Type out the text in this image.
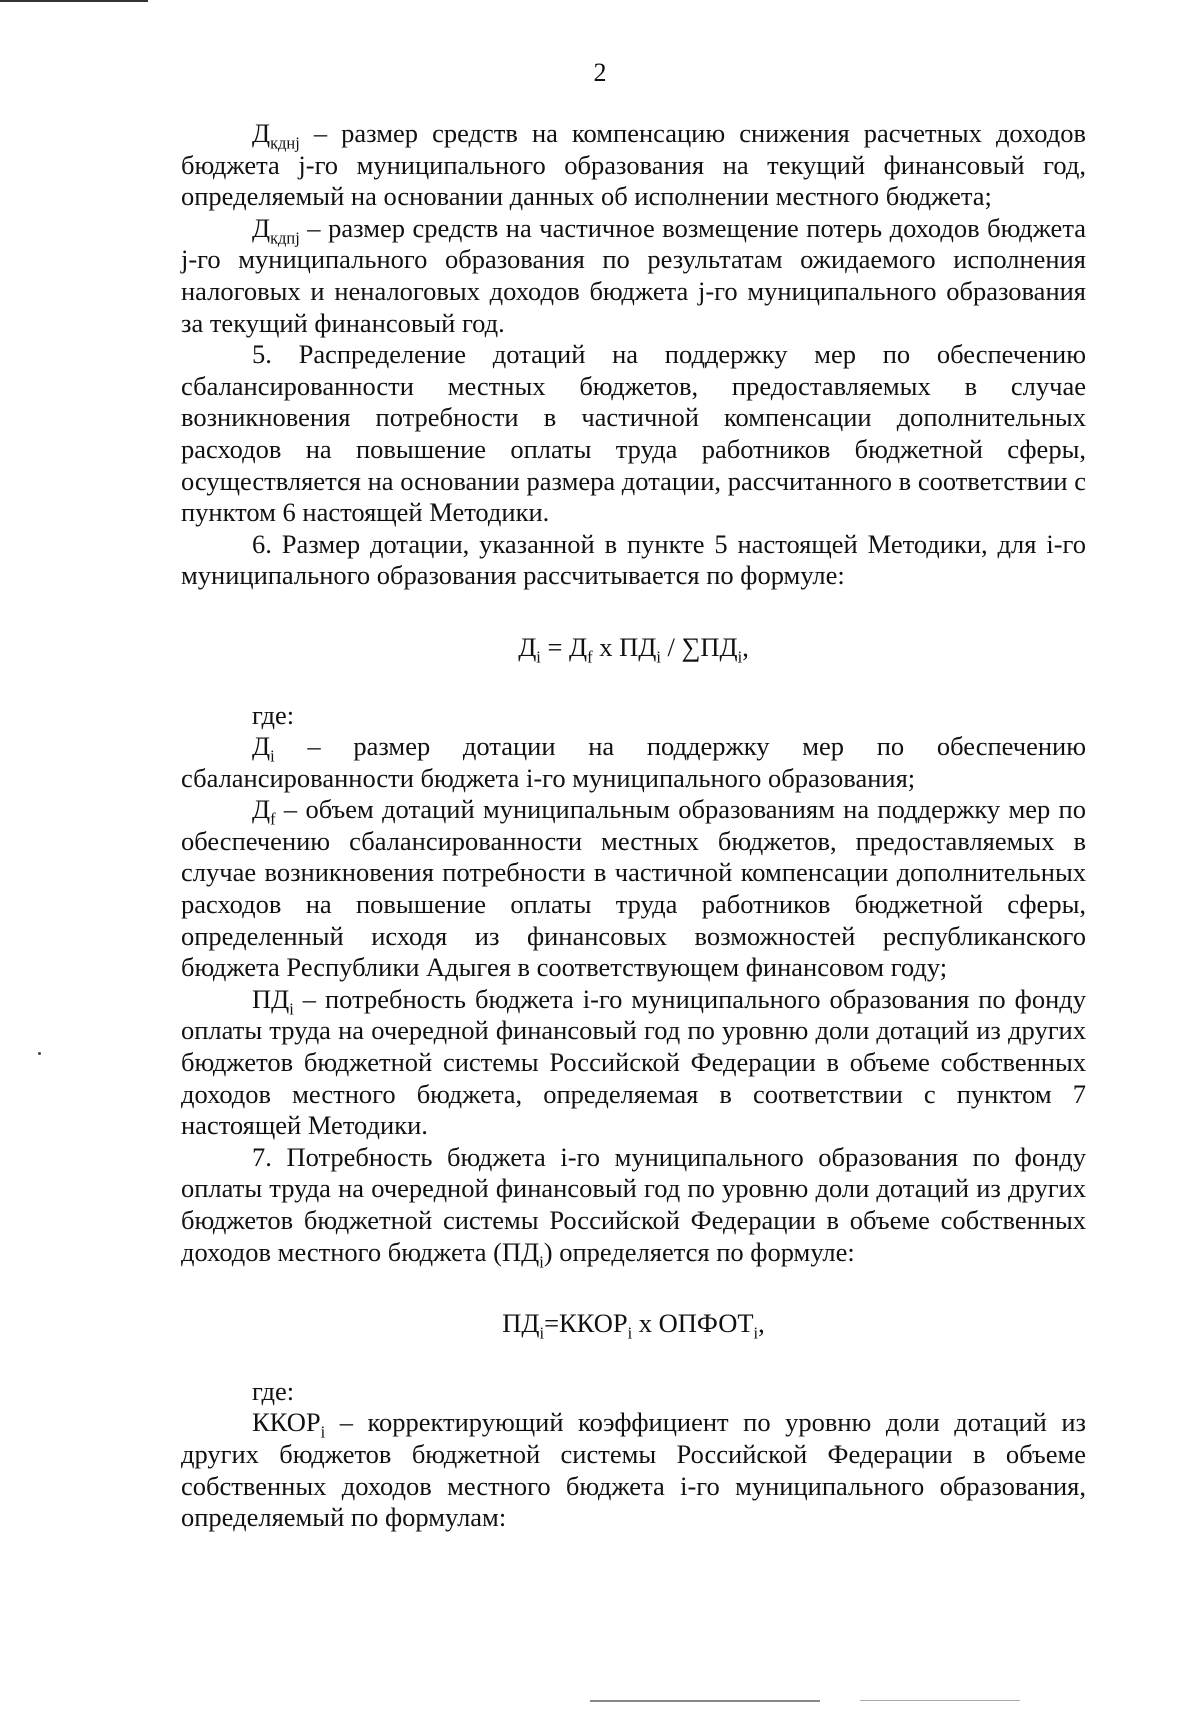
2

$Д_{кднj}$ – размер средств на компенсацию снижения расчетных доходов бюджета j-го муниципального образования на текущий финансовый год, определяемый на основании данных об исполнении местного бюджета;

$Д_{кдпj}$ – размер средств на частичное возмещение потерь доходов бюджета j-го муниципального образования по результатам ожидаемого исполнения налоговых и неналоговых доходов бюджета j-го муниципального образования за текущий финансовый год.

5. Распределение дотаций на поддержку мер по обеспечению сбалансированности местных бюджетов, предоставляемых в случае возникновения потребности в частичной компенсации дополнительных расходов на повышение оплаты труда работников бюджетной сферы, осуществляется на основании размера дотации, рассчитанного в соответствии с пунктом 6 настоящей Методики.

6. Размер дотации, указанной в пункте 5 настоящей Методики, для i-го муниципального образования рассчитывается по формуле:

$Д_i = Д_f$ x $ПД_i / \sum ПД_i$,

где:

$Д_i$ – размер дотации на поддержку мер по обеспечению сбалансированности бюджета i-го муниципального образования;

$Д_f$ – объем дотаций муниципальным образованиям на поддержку мер по обеспечению сбалансированности местных бюджетов, предоставляемых в случае возникновения потребности в частичной компенсации дополнительных расходов на повышение оплаты труда работников бюджетной сферы, определенный исходя из финансовых возможностей республиканского бюджета Республики Адыгея в соответствующем финансовом году;

$ПД_i$ – потребность бюджета i-го муниципального образования по фонду оплаты труда на очередной финансовый год по уровню доли дотаций из других бюджетов бюджетной системы Российской Федерации в объеме собственных доходов местного бюджета, определяемая в соответствии с пунктом 7 настоящей Методики.

7. Потребность бюджета i-го муниципального образования по фонду оплаты труда на очередной финансовый год по уровню доли дотаций из других бюджетов бюджетной системы Российской Федерации в объеме собственных доходов местного бюджета $(ПД_i)$ определяется по формуле:

$ПД_i=ККОР_i$ x $ОПФОТ_i$,

где:

$ККОР_i$ – корректирующий коэффициент по уровню доли дотаций из других бюджетов бюджетной системы Российской Федерации в объеме собственных доходов местного бюджета i-го муниципального образования, определяемый по формулам:
